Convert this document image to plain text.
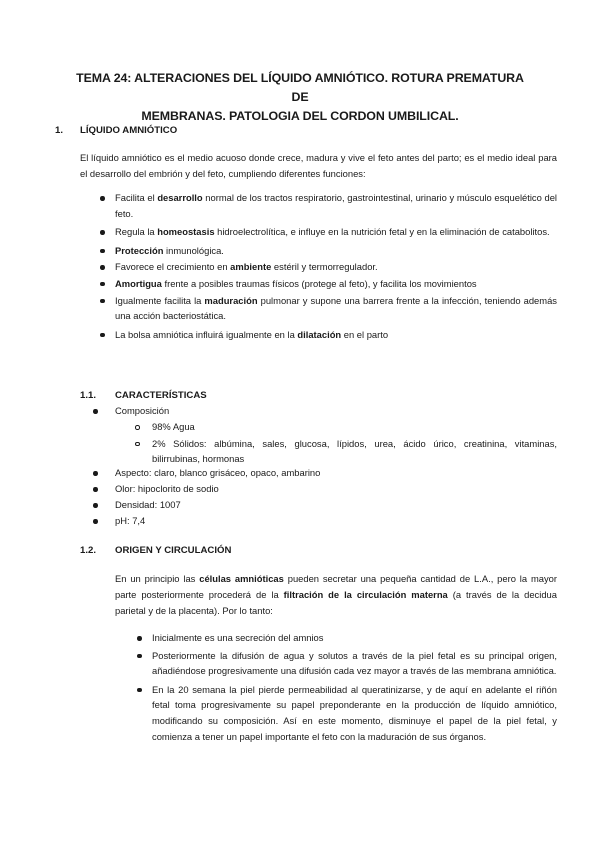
TEMA 24: ALTERACIONES DEL LÍQUIDO AMNIÓTICO. ROTURA PREMATURA DE
MEMBRANAS. PATOLOGIA DEL CORDON UMBILICAL.
1. LÍQUIDO AMNIÓTICO
El líquido amniótico es el medio acuoso donde crece, madura y vive el feto antes del parto; es el medio ideal para el desarrollo del embrión y del feto, cumpliendo diferentes funciones:
Facilita el desarrollo normal de los tractos respiratorio, gastrointestinal, urinario y músculo esquelético del feto.
Regula la homeostasis hidroelectrolítica, e influye en la nutrición fetal y en la eliminación de catabolitos.
Protección inmunológica.
Favorece el crecimiento en ambiente estéril y termorregulador.
Amortigua frente a posibles traumas físicos (protege al feto), y facilita los movimientos
Igualmente facilita la maduración pulmonar y supone una barrera frente a la infección, teniendo además una acción bacteriostática.
La bolsa amniótica influirá igualmente en la dilatación en el parto
1.1. CARACTERÍSTICAS
Composición
98% Agua
2% Sólidos: albúmina, sales, glucosa, lípidos, urea, ácido úrico, creatinina, vitaminas, bilirrubinas, hormonas
Aspecto: claro, blanco grisáceo, opaco, ambarino
Olor: hipoclorito de sodio
Densidad: 1007
pH: 7,4
1.2. ORIGEN Y CIRCULACIÓN
En un principio las células amnióticas pueden secretar una pequeña cantidad de L.A., pero la mayor parte posteriormente procederá de la filtración de la circulación materna (a través de la decidua parietal y de la placenta). Por lo tanto:
Inicialmente es una secreción del amnios
Posteriormente la difusión de agua y solutos a través de la piel fetal es su principal origen, añadiéndose progresivamente una difusión cada vez mayor a través de las membrana amniótica.
En la 20 semana la piel pierde permeabilidad al queratinizarse, y de aquí en adelante el riñón fetal toma progresivamente su papel preponderante en la producción de líquido amniótico, modificando su composición. Así en este momento, disminuye el papel de la piel fetal, y comienza a tener un papel importante el feto con la maduración de sus órganos.
